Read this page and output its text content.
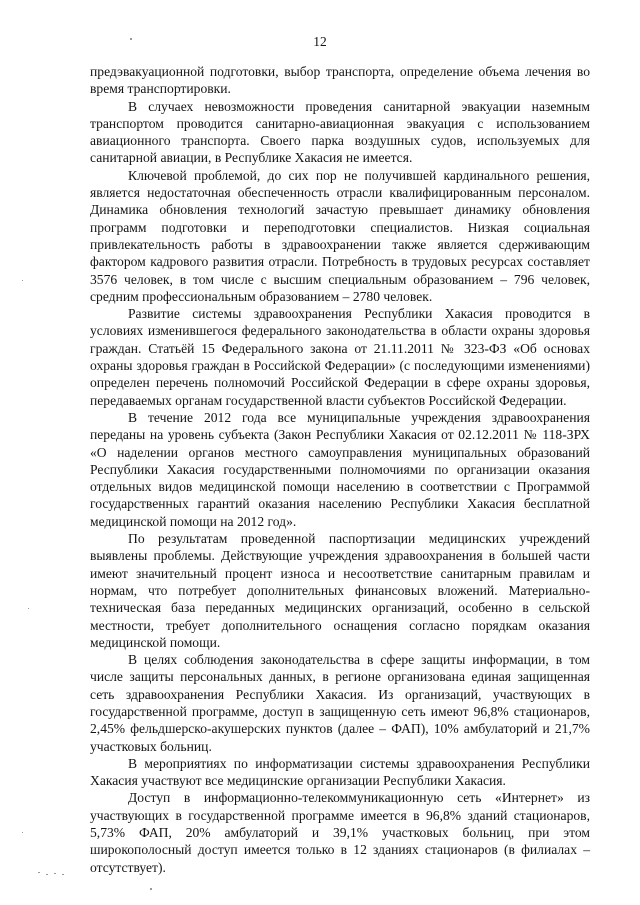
12

предэвакуационной подготовки, выбор транспорта, определение объема лечения во время транспортировки.

В случаех невозможности проведения санитарной эвакуации наземным транспортом проводится санитарно-авиационная эвакуация с использованием авиационного транспорта. Своего парка воздушных судов, используемых для санитарной авиации, в Республике Хакасия не имеется.

Ключевой проблемой, до сих пор не получившей кардинального решения, является недостаточная обеспеченность отрасли квалифицированным персоналом. Динамика обновления технологий зачастую превышает динамику обновления программ подготовки и переподготовки специалистов. Низкая социальная привлекательность работы в здравоохранении также является сдерживающим фактором кадрового развития отрасли. Потребность в трудовых ресурсах составляет 3576 человек, в том числе с высшим специальным образованием – 796 человек, средним профессиональным образованием – 2780 человек.

Развитие системы здравоохранения Республики Хакасия проводится в условиях изменившегося федерального законодательства в области охраны здоровья граждан. Статьёй 15 Федерального закона от 21.11.2011 № 323-ФЗ «Об основах охраны здоровья граждан в Российской Федерации» (с последующими изменениями) определен перечень полномочий Российской Федерации в сфере охраны здоровья, передаваемых органам государственной власти субъектов Российской Федерации.

В течение 2012 года все муниципальные учреждения здравоохранения переданы на уровень субъекта (Закон Республики Хакасия от 02.12.2011 № 118-ЗРХ «О наделении органов местного самоуправления муниципальных образований Республики Хакасия государственными полномочиями по организации оказания отдельных видов медицинской помощи населению в соответствии с Программой государственных гарантий оказания населению Республики Хакасия бесплатной медицинской помощи на 2012 год».

По результатам проведенной паспортизации медицинских учреждений выявлены проблемы. Действующие учреждения здравоохранения в большей части имеют значительный процент износа и несоответствие санитарным правилам и нормам, что потребует дополнительных финансовых вложений. Материально-техническая база переданных медицинских организаций, особенно в сельской местности, требует дополнительного оснащения согласно порядкам оказания медицинской помощи.

В целях соблюдения законодательства в сфере защиты информации, в том числе защиты персональных данных, в регионе организована единая защищенная сеть здравоохранения Республики Хакасия. Из организаций, участвующих в государственной программе, доступ в защищенную сеть имеют 96,8% стационаров, 2,45% фельдшерско-акушерских пунктов (далее – ФАП), 10% амбулаторий и 21,7% участковых больниц.

В мероприятиях по информатизации системы здравоохранения Республики Хакасия участвуют все медицинские организации Республики Хакасия.

Доступ в информационно-телекоммуникационную сеть «Интернет» из участвующих в государственной программе имеется в 96,8% зданий стационаров, 5,73% ФАП, 20% амбулаторий и 39,1% участковых больниц, при этом широкополосный доступ имеется только в 12 зданиях стационаров (в филиалах – отсутствует).
